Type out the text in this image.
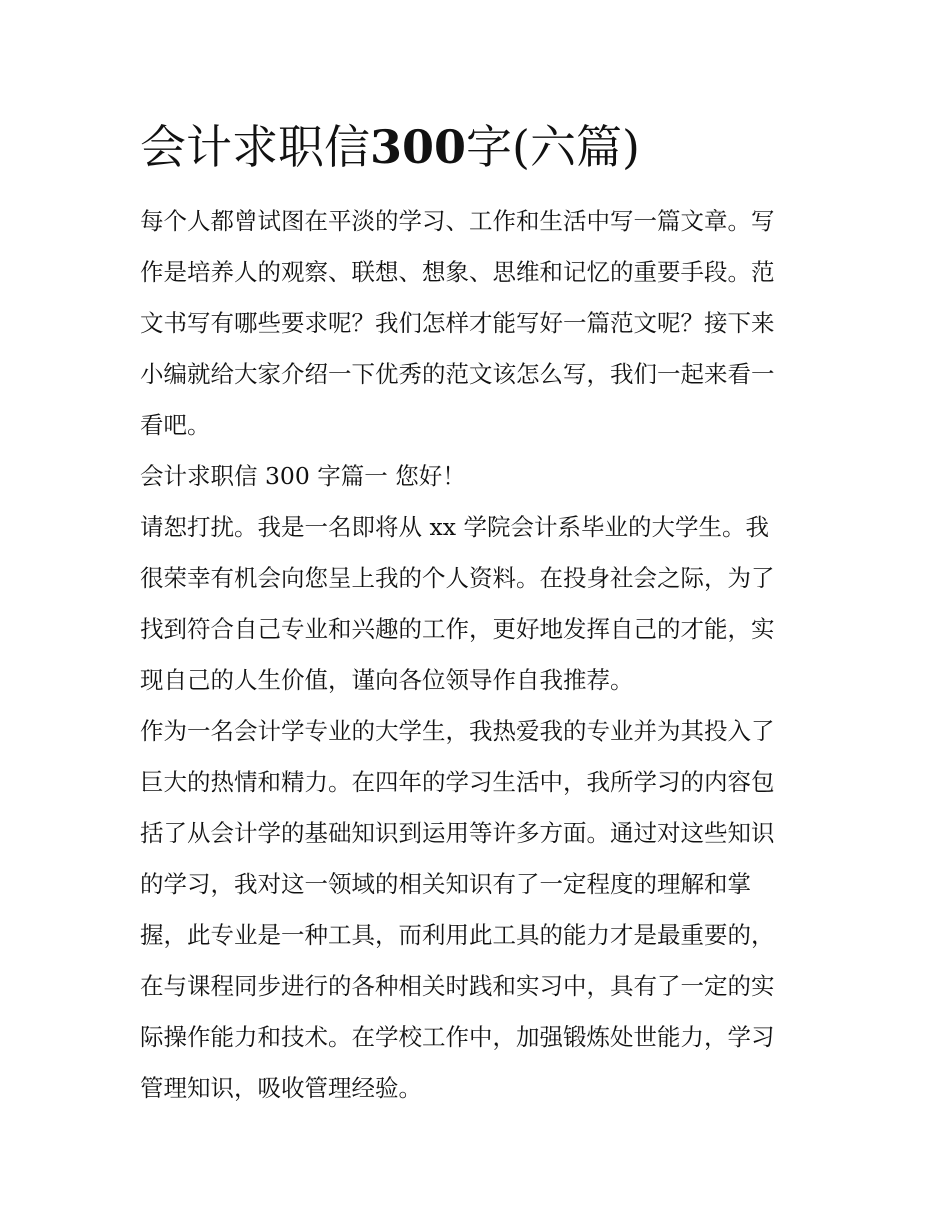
会计求职信300字(六篇)
每个人都曾试图在平淡的学习、工作和生活中写一篇文章。写
作是培养人的观察、联想、想象、思维和记忆的重要手段。范
文书写有哪些要求呢？我们怎样才能写好一篇范文呢？接下来
小编就给大家介绍一下优秀的范文该怎么写，我们一起来看一
看吧。
会计求职信 300 字篇一 您好！
请恕打扰。我是一名即将从 xx 学院会计系毕业的大学生。我
很荣幸有机会向您呈上我的个人资料。在投身社会之际，为了
找到符合自己专业和兴趣的工作，更好地发挥自己的才能，实
现自己的人生价值，谨向各位领导作自我推荐。
作为一名会计学专业的大学生，我热爱我的专业并为其投入了
巨大的热情和精力。在四年的学习生活中，我所学习的内容包
括了从会计学的基础知识到运用等许多方面。通过对这些知识
的学习，我对这一领域的相关知识有了一定程度的理解和掌
握，此专业是一种工具，而利用此工具的能力才是最重要的，
在与课程同步进行的各种相关时践和实习中，具有了一定的实
际操作能力和技术。在学校工作中，加强锻炼处世能力，学习
管理知识，吸收管理经验。
